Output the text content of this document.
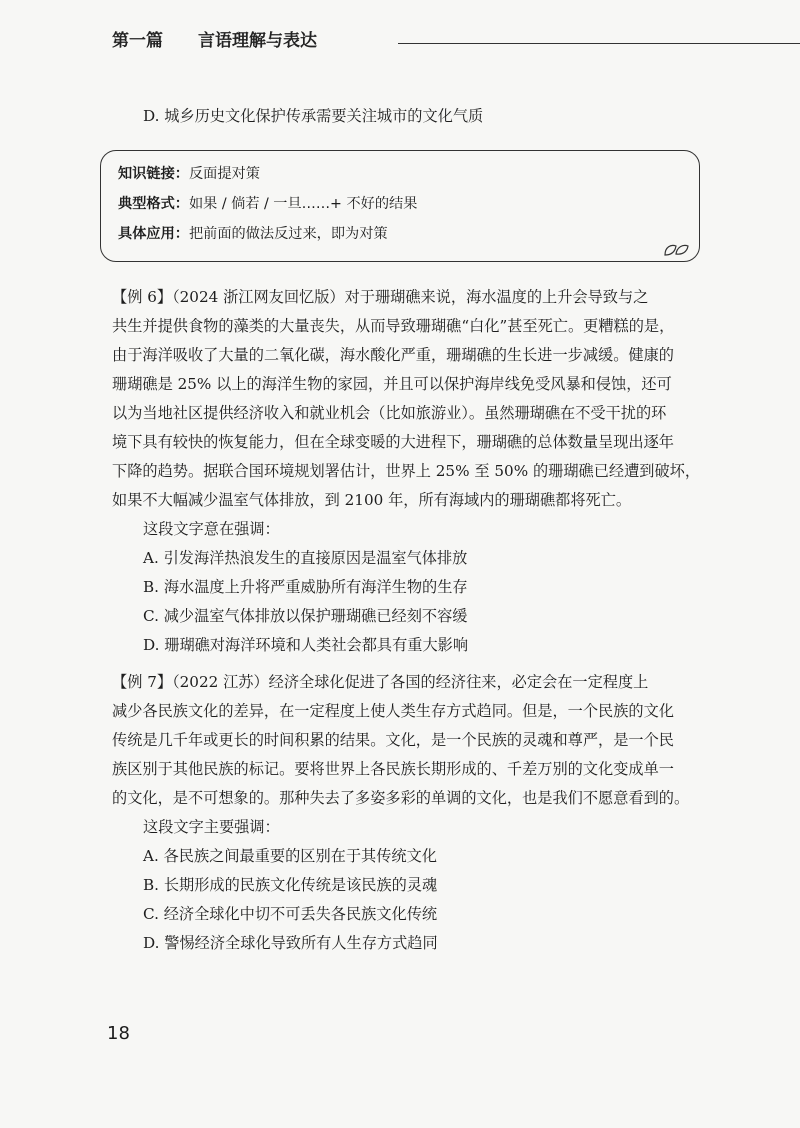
第一篇 言语理解与表达
D. 城乡历史文化保护传承需要关注城市的文化气质
知识链接：反面提对策
典型格式：如果 / 倘若 / 一旦……+ 不好的结果
具体应用：把前面的做法反过来，即为对策
【例 6】（2024 浙江网友回忆版）对于珊瑚礁来说，海水温度的上升会导致与之
共生并提供食物的藻类的大量丧失，从而导致珊瑚礁“白化”甚至死亡。更糟糕的是，
由于海洋吸收了大量的二氧化碳，海水酸化严重，珊瑚礁的生长进一步减缓。健康的
珊瑚礁是 25% 以上的海洋生物的家园，并且可以保护海岸线免受风暴和侵蚀，还可
以为当地社区提供经济收入和就业机会（比如旅游业）。虽然珊瑚礁在不受干扰的环
境下具有较快的恢复能力，但在全球变暖的大进程下，珊瑚礁的总体数量呈现出逐年
下降的趋势。据联合国环境规划署估计，世界上 25% 至 50% 的珊瑚礁已经遭到破坏，
如果不大幅减少温室气体排放，到 2100 年，所有海域内的珊瑚礁都将死亡。
这段文字意在强调：
A. 引发海洋热浪发生的直接原因是温室气体排放
B. 海水温度上升将严重威胁所有海洋生物的生存
C. 减少温室气体排放以保护珊瑚礁已经刻不容缓
D. 珊瑚礁对海洋环境和人类社会都具有重大影响
【例 7】（2022 江苏）经济全球化促进了各国的经济往来，必定会在一定程度上
减少各民族文化的差异，在一定程度上使人类生存方式趋同。但是，一个民族的文化
传统是几千年或更长的时间积累的结果。文化，是一个民族的灵魂和尊严，是一个民
族区别于其他民族的标记。要将世界上各民族长期形成的、千差万别的文化变成单一
的文化，是不可想象的。那种失去了多姿多彩的单调的文化，也是我们不愿意看到的。
这段文字主要强调：
A. 各民族之间最重要的区别在于其传统文化
B. 长期形成的民族文化传统是该民族的灵魂
C. 经济全球化中切不可丢失各民族文化传统
D. 警惕经济全球化导致所有人生存方式趋同
18
